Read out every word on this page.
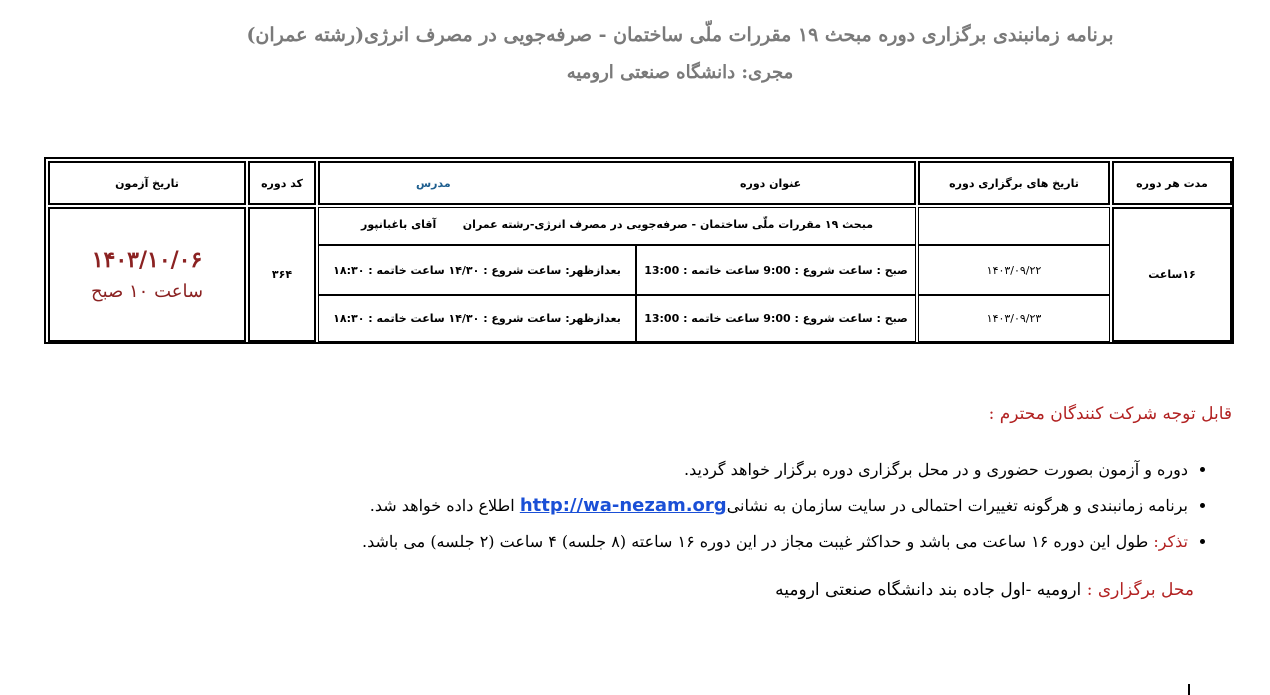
برنامه زمانبندی برگزاری دوره مبحث ۱۹ مقررات ملّی ساختمان - صرفه‌جویی در مصرف انرژی(رشته عمران)
مجری: دانشگاه صنعتی ارومیه
مدت هر دوره
تاریخ های برگزاری دوره
عنوان دوره
مدرس
کد دوره
تاریخ آزمون
۱۶ساعت
مبحث ۱۹ مقررات ملّی ساختمان - صرفه‌جویی در مصرف انرژی-رشته عمران
آقای باغبانپور
۱۴۰۳/۰۹/۲۲
صبح : ساعت شروع : 9:00 ساعت خاتمه : 13:00
بعدازظهر: ساعت شروع : ۱۴/۳۰ ساعت خاتمه : ۱۸:۳۰
۱۴۰۳/۰۹/۲۳
صبح : ساعت شروع : 9:00 ساعت خاتمه : 13:00
بعدازظهر: ساعت شروع : ۱۴/۳۰ ساعت خاتمه : ۱۸:۳۰
۳۶۴
۱۴۰۳/۱۰/۰۶
ساعت ۱۰ صبح
قابل توجه شرکت کنندگان محترم :
• دوره و آزمون بصورت حضوری و در محل برگزاری دوره برگزار خواهد گردید.
• برنامه زمانبندی و هرگونه تغییرات احتمالی در سایت سازمان به نشانیhttp://wa-nezam.org اطلاع داده خواهد شد.
• تذکر: طول این دوره ۱۶ ساعت می باشد و حداکثر غیبت مجاز در این دوره ۱۶ ساعته (۸ جلسه) ۴ ساعت (۲ جلسه) می باشد.
محل برگزاری : ارومیه -اول جاده بند دانشگاه صنعتی ارومیه
